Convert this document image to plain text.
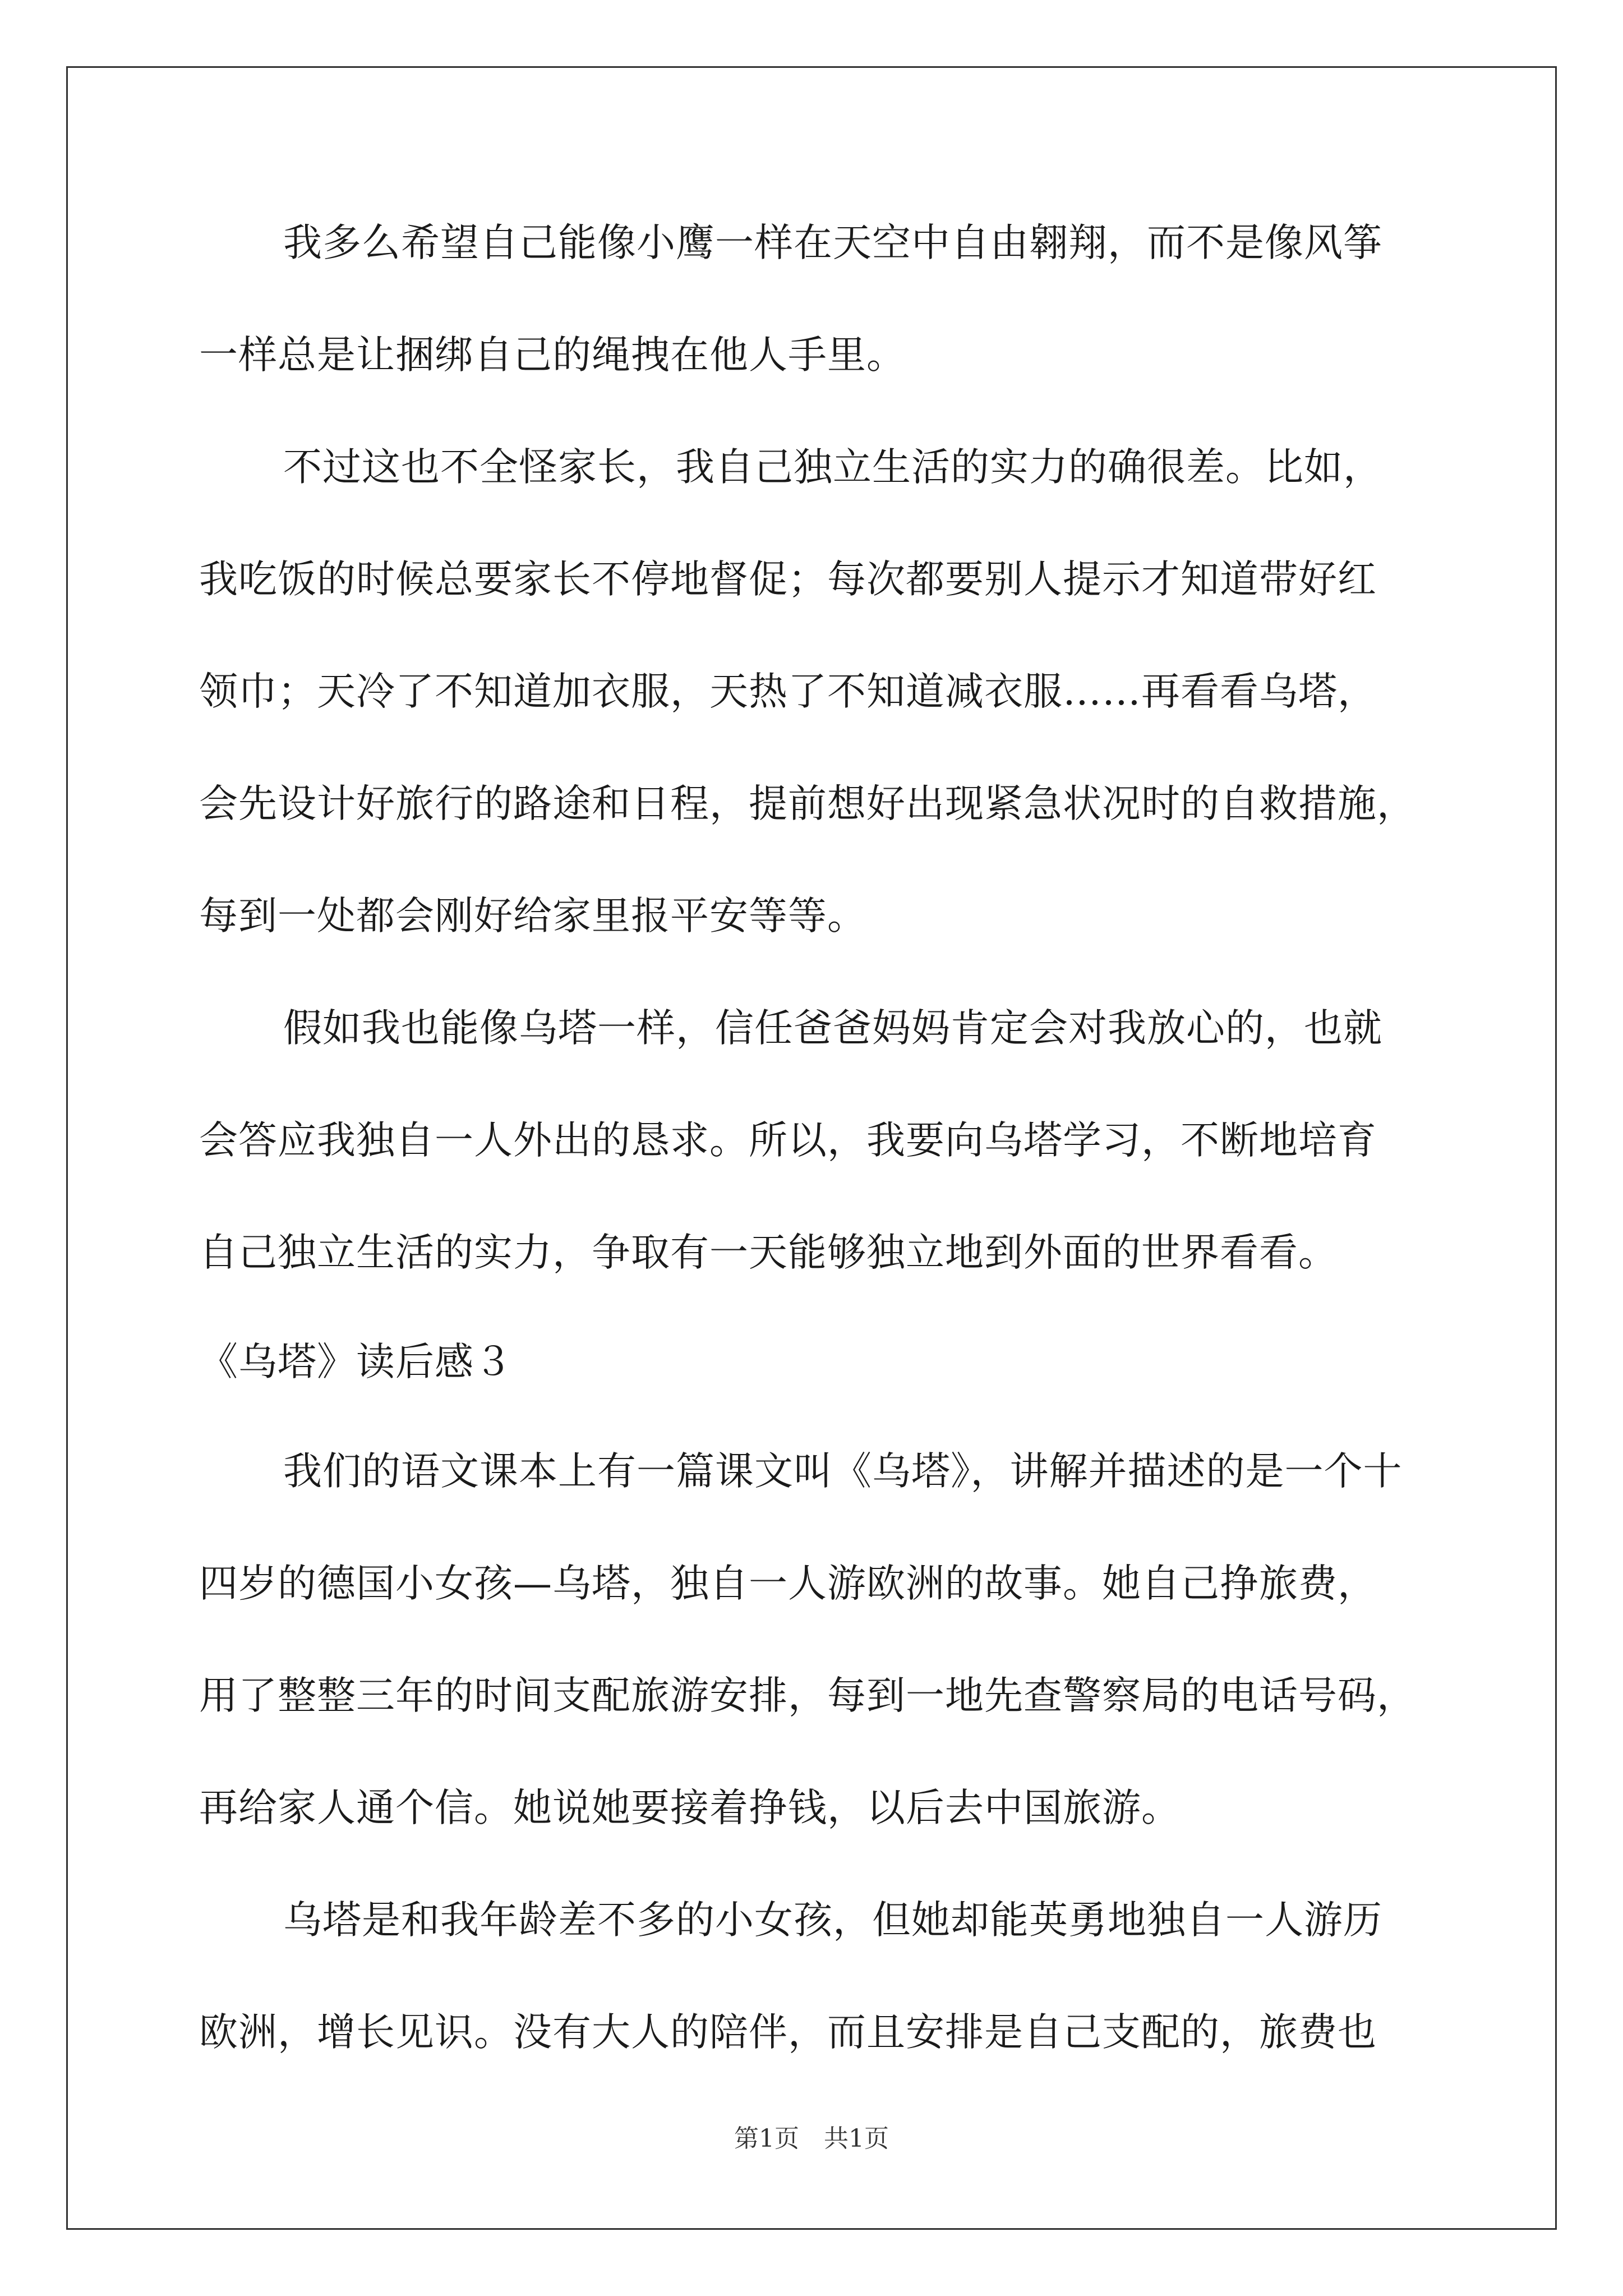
我多么希望自己能像小鹰一样在天空中自由翱翔，而不是像风筝
一样总是让捆绑自己的绳拽在他人手里。
不过这也不全怪家长，我自己独立生活的实力的确很差。比如，
我吃饭的时候总要家长不停地督促；每次都要别人提示才知道带好红
领巾；天冷了不知道加衣服，天热了不知道减衣服……再看看乌塔，
会先设计好旅行的路途和日程，提前想好出现紧急状况时的自救措施，
每到一处都会刚好给家里报平安等等。
假如我也能像乌塔一样，信任爸爸妈妈肯定会对我放心的，也就
会答应我独自一人外出的恳求。所以，我要向乌塔学习，不断地培育
自己独立生活的实力，争取有一天能够独立地到外面的世界看看。
《乌塔》读后感３
我们的语文课本上有一篇课文叫《乌塔》，讲解并描述的是一个十
四岁的德国小女孩—乌塔，独自一人游欧洲的故事。她自己挣旅费，
用了整整三年的时间支配旅游安排，每到一地先查警察局的电话号码，
再给家人通个信。她说她要接着挣钱，以后去中国旅游。
乌塔是和我年龄差不多的小女孩，但她却能英勇地独自一人游历
欧洲，增长见识。没有大人的陪伴，而且安排是自己支配的，旅费也
第1页　共1页
